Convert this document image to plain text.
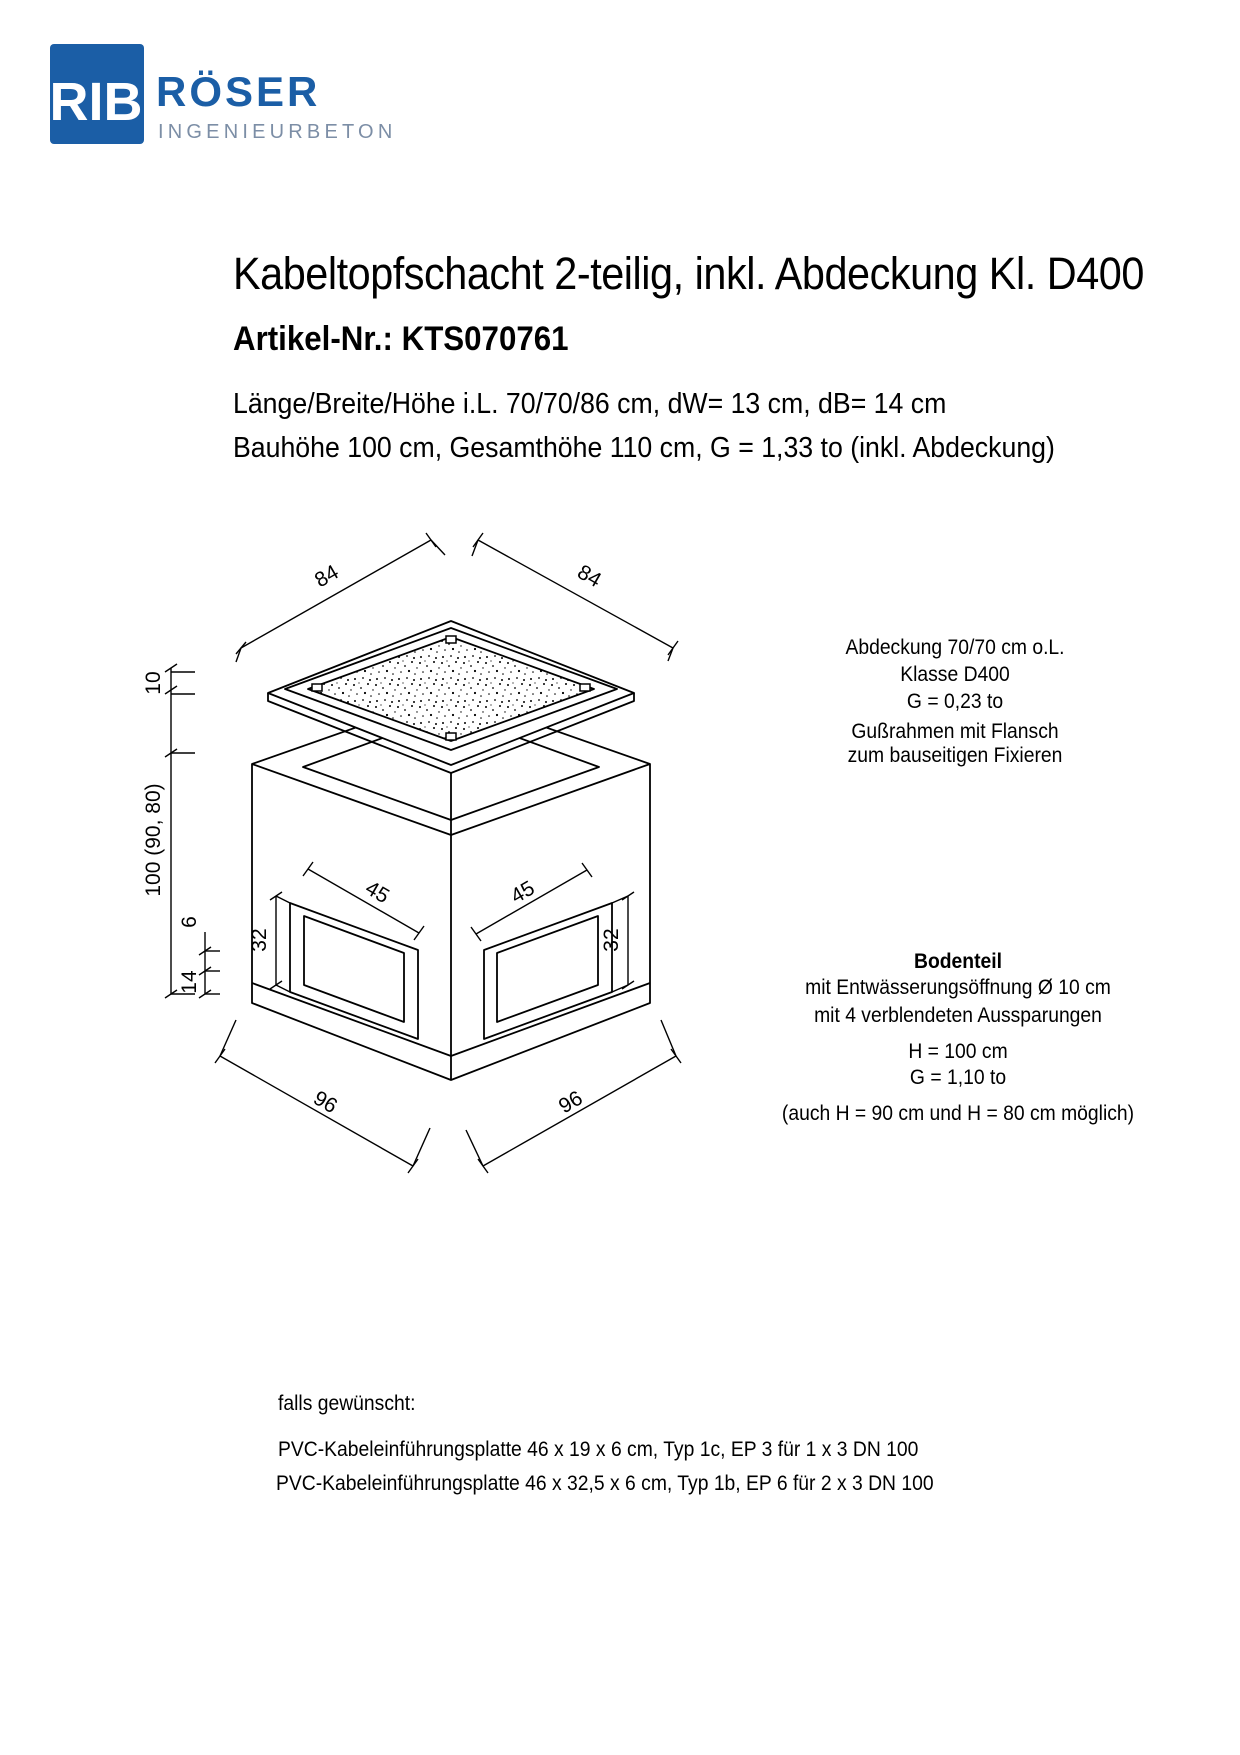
RIB RÖSER
INGENIEURBETON
Kabeltopfschacht 2-teilig, inkl. Abdeckung Kl. D400
Artikel-Nr.: KTS070761
Länge/Breite/Höhe i.L. 70/70/86 cm, dW= 13 cm, dB= 14 cm
Bauhöhe 100 cm, Gesamthöhe 110 cm, G = 1,33 to (inkl. Abdeckung)
84	84
10
100 (90, 80)
6
14
32	32
45	45
96	96
Abdeckung 70/70 cm o.L.
Klasse D400
G = 0,23 to
Gußrahmen mit Flansch
zum bauseitigen Fixieren
Bodenteil
mit Entwässerungsöffnung Ø 10 cm
mit 4 verblendeten Aussparungen
H = 100 cm
G = 1,10 to
(auch H = 90 cm und H = 80 cm möglich)
falls gewünscht:
PVC-Kabeleinführungsplatte 46 x 19 x 6 cm, Typ 1c, EP 3 für 1 x 3 DN 100
PVC-Kabeleinführungsplatte 46 x 32,5 x 6 cm, Typ 1b, EP 6 für 2 x 3 DN 100
